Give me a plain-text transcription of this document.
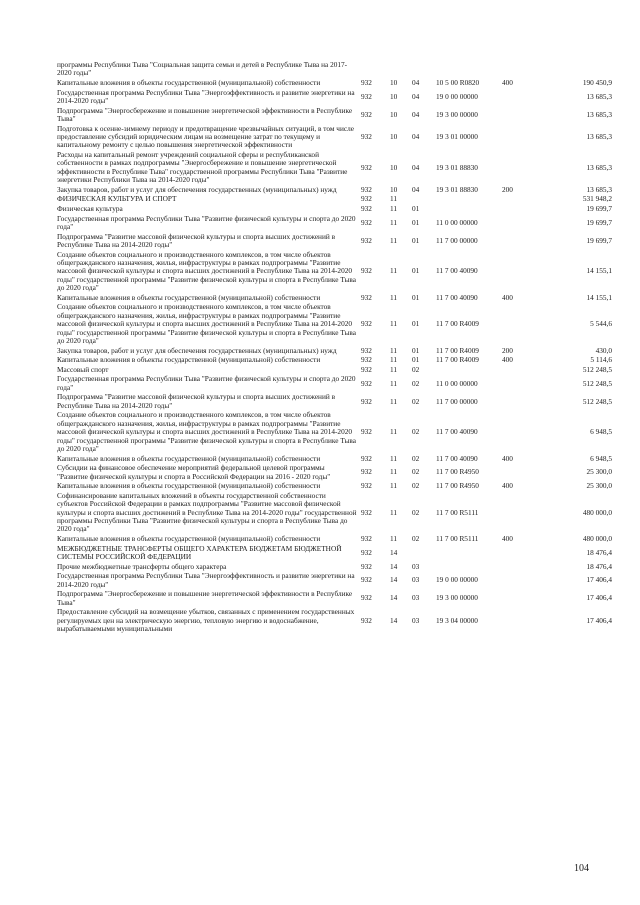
программы Республики Тыва "Социальная защита семьи и детей в Республике Тыва на 2017-2020 годы"						
Капитальные вложения в объекты государственной (муниципальной) собственности	932	10	04	10 5 00 R0820	400	190 450,9
Государственная программа Республики Тыва "Энергоэффективность и развитие энергетики на 2014-2020 годы"	932	10	04	19 0 00 00000		13 685,3
Подпрограмма "Энергосбережение и повышение энергетической эффективности в Республике Тыва"	932	10	04	19 3 00 00000		13 685,3
Подготовка к осенне-зимнему периоду и предотвращение чрезвычайных ситуаций, в том числе предоставление субсидий юридическим лицам на возмещение затрат по текущему и капитальному ремонту с целью повышения энергетической эффективности	932	10	04	19 3 01 00000		13 685,3
Расходы на капитальный ремонт учреждений социальной сферы и республиканской собственности в рамках подпрограммы "Энергосбережение и повышение энергетической эффективности в Республике Тыва" государственной программы Республики Тыва "Развитие энергетики Республики Тыва на 2014-2020 годы"	932	10	04	19 3 01 88830		13 685,3
Закупка товаров, работ и услуг для обеспечения государственных (муниципальных) нужд	932	10	04	19 3 01 88830	200	13 685,3
ФИЗИЧЕСКАЯ КУЛЬТУРА И СПОРТ	932	11				531 948,2
Физическая культура	932	11	01			19 699,7
Государственная программа Республики Тыва "Развитие физической культуры и спорта до 2020 года"	932	11	01	11 0 00 00000		19 699,7
Подпрограмма "Развитие массовой физической культуры и спорта высших достижений в Республике Тыва на 2014-2020 годы"	932	11	01	11 7 00 00000		19 699,7
Создание объектов социального и производственного комплексов, в том числе объектов общегражданского назначения, жилья, инфраструктуры в рамках подпрограммы "Развитие массовой физической культуры и спорта высших достижений в Республике Тыва на 2014-2020 годы" государственной программы "Развитие физической культуры и спорта в Республике Тыва до 2020 года"	932	11	01	11 7 00 40090		14 155,1
Капитальные вложения в объекты государственной (муниципальной) собственности	932	11	01	11 7 00 40090	400	14 155,1
Создание объектов социального и производственного комплексов, в том числе объектов общегражданского назначения, жилья, инфраструктуры в рамках подпрограммы "Развитие массовой физической культуры и спорта высших достижений в Республике Тыва на 2014-2020 годы" государственной программы "Развитие физической культуры и спорта в Республике Тыва до 2020 года"	932	11	01	11 7 00 R4009		5 544,6
Закупка товаров, работ и услуг для обеспечения государственных (муниципальных) нужд	932	11	01	11 7 00 R4009	200	430,0
Капитальные вложения в объекты государственной (муниципальной) собственности	932	11	01	11 7 00 R4009	400	5 114,6
Массовый спорт	932	11	02			512 248,5
Государственная программа Республики Тыва "Развитие физической культуры и спорта до 2020 года"	932	11	02	11 0 00 00000		512 248,5
Подпрограмма "Развитие массовой физической культуры и спорта высших достижений в Республике Тыва на 2014-2020 годы"	932	11	02	11 7 00 00000		512 248,5
Создание объектов социального и производственного комплексов, в том числе объектов общегражданского назначения, жилья, инфраструктуры в рамках подпрограммы "Развитие массовой физической культуры и спорта высших достижений в Республике Тыва на 2014-2020 годы" государственной программы "Развитие физической культуры и спорта в Республике Тыва до 2020 года"	932	11	02	11 7 00 40090		6 948,5
Капитальные вложения в объекты государственной (муниципальной) собственности	932	11	02	11 7 00 40090	400	6 948,5
Субсидии на финансовое обеспечение мероприятий федеральной целевой программы "Развитие физической культуры и спорта в Российской Федерации на 2016 - 2020 годы"	932	11	02	11 7 00 R4950		25 300,0
Капитальные вложения в объекты государственной (муниципальной) собственности	932	11	02	11 7 00 R4950	400	25 300,0
Софинансирование капитальных вложений в объекты государственной собственности субъектов Российской Федерации в рамках подпрограммы "Развитие массовой физической культуры и спорта высших достижений в Республике Тыва на 2014-2020 годы" государственной программы Республики Тыва "Развитие физической культуры и спорта в Республике Тыва до 2020 года"	932	11	02	11 7 00 R5111		480 000,0
Капитальные вложения в объекты государственной (муниципальной) собственности	932	11	02	11 7 00 R5111	400	480 000,0
МЕЖБЮДЖЕТНЫЕ ТРАНСФЕРТЫ ОБЩЕГО ХАРАКТЕРА БЮДЖЕТАМ БЮДЖЕТНОЙ СИСТЕМЫ РОССИЙСКОЙ ФЕДЕРАЦИИ	932	14				18 476,4
Прочие межбюджетные трансферты общего характера	932	14	03			18 476,4
Государственная программа Республики Тыва "Энергоэффективность и развитие энергетики на 2014-2020 годы"	932	14	03	19 0 00 00000		17 406,4
Подпрограмма "Энергосбережение и повышение энергетической эффективности в Республике Тыва"	932	14	03	19 3 00 00000		17 406,4
Предоставление субсидий на возмещение убытков, связанных с применением государственных регулируемых цен на электрическую энергию, тепловую энергию и водоснабжение, вырабатываемыми муниципальными	932	14	03	19 3 04 00000		17 406,4
104
